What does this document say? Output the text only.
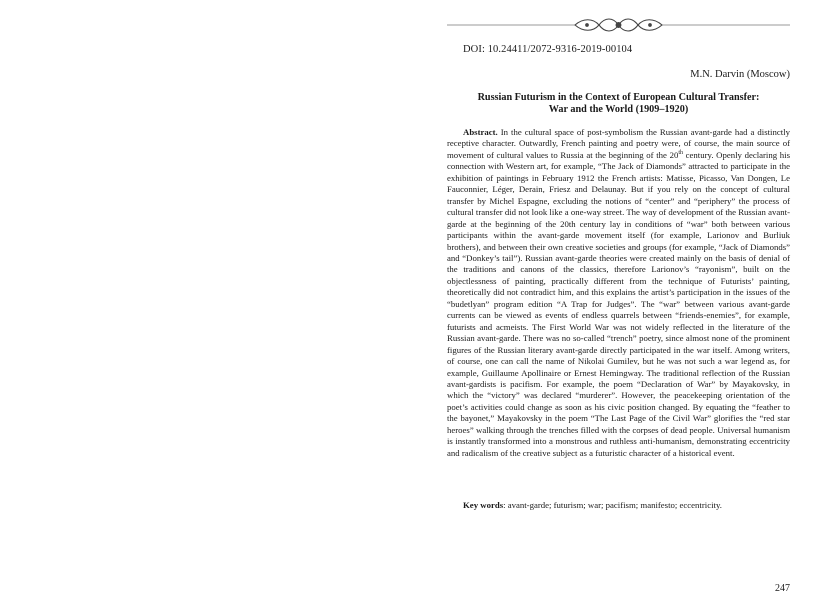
DOI: 10.24411/2072-9316-2019-00104
M.N. Darvin (Moscow)
Russian Futurism in the Context of European Cultural Transfer:
War and the World (1909–1920)

Abstract. In the cultural space of post-symbolism the Russian avant-garde had a distinctly receptive character. Outwardly, French painting and poetry were, of course, the main source of movement of cultural values to Russia at the beginning of the 20th century. Openly declaring his connection with Western art, for example, “The Jack of Diamonds” attracted to participate in the exhibition of paintings in February 1912 the French artists: Matisse, Picasso, Van Dongen, Le Fauconnier, Léger, Derain, Friesz and Delaunay. But if you rely on the concept of cultural transfer by Michel Espagne, excluding the notions of “center” and “periphery” the process of cultural transfer did not look like a one-way street. The way of development of the Russian avant-garde at the beginning of the 20th century lay in conditions of “war” both between various participants within the avant-garde movement itself (for example, Larionov and Burliuk brothers), and between their own creative societies and groups (for example, “Jack of Diamonds” and “Donkey’s tail”). Russian avant-garde theories were created mainly on the basis of denial of the traditions and canons of the classics, therefore Larionov’s “rayonism”, built on the objectlessness of painting, practically different from the technique of Futurists’ painting, theoretically did not contradict him, and this explains the artist’s participation in the issues of the “budetlyan” program edition “A Trap for Judges”. The “war” between various avant-garde currents can be viewed as events of endless quarrels between “friends-enemies”, for example, futurists and acmeists. The First World War was not widely reflected in the literature of the Russian avant-garde. There was no so-called “trench” poetry, since almost none of the prominent figures of the Russian literary avant-garde directly participated in the war itself. Among writers, of course, one can call the name of Nikolai Gumilev, but he was not such a war legend as, for example, Guillaume Apollinaire or Ernest Hemingway. The traditional reflection of the Russian avant-gardists is pacifism. For example, the poem “Declaration of War” by Mayakovsky, in which the “victory” was declared “murderer”. However, the peacekeeping orientation of the poet’s activities could change as soon as his civic position changed. By equating the “feather to the bayonet,” Mayakovsky in the poem “The Last Page of the Civil War” glorifies the “red star heroes” walking through the trenches filled with the corpses of dead people. Universal humanism is instantly transformed into a monstrous and ruthless anti-humanism, demonstrating eccentricity and radicalism of the creative subject as a futuristic character of a historical event.

Key words: avant-garde; futurism; war; pacifism; manifesto; eccentricity.

247
